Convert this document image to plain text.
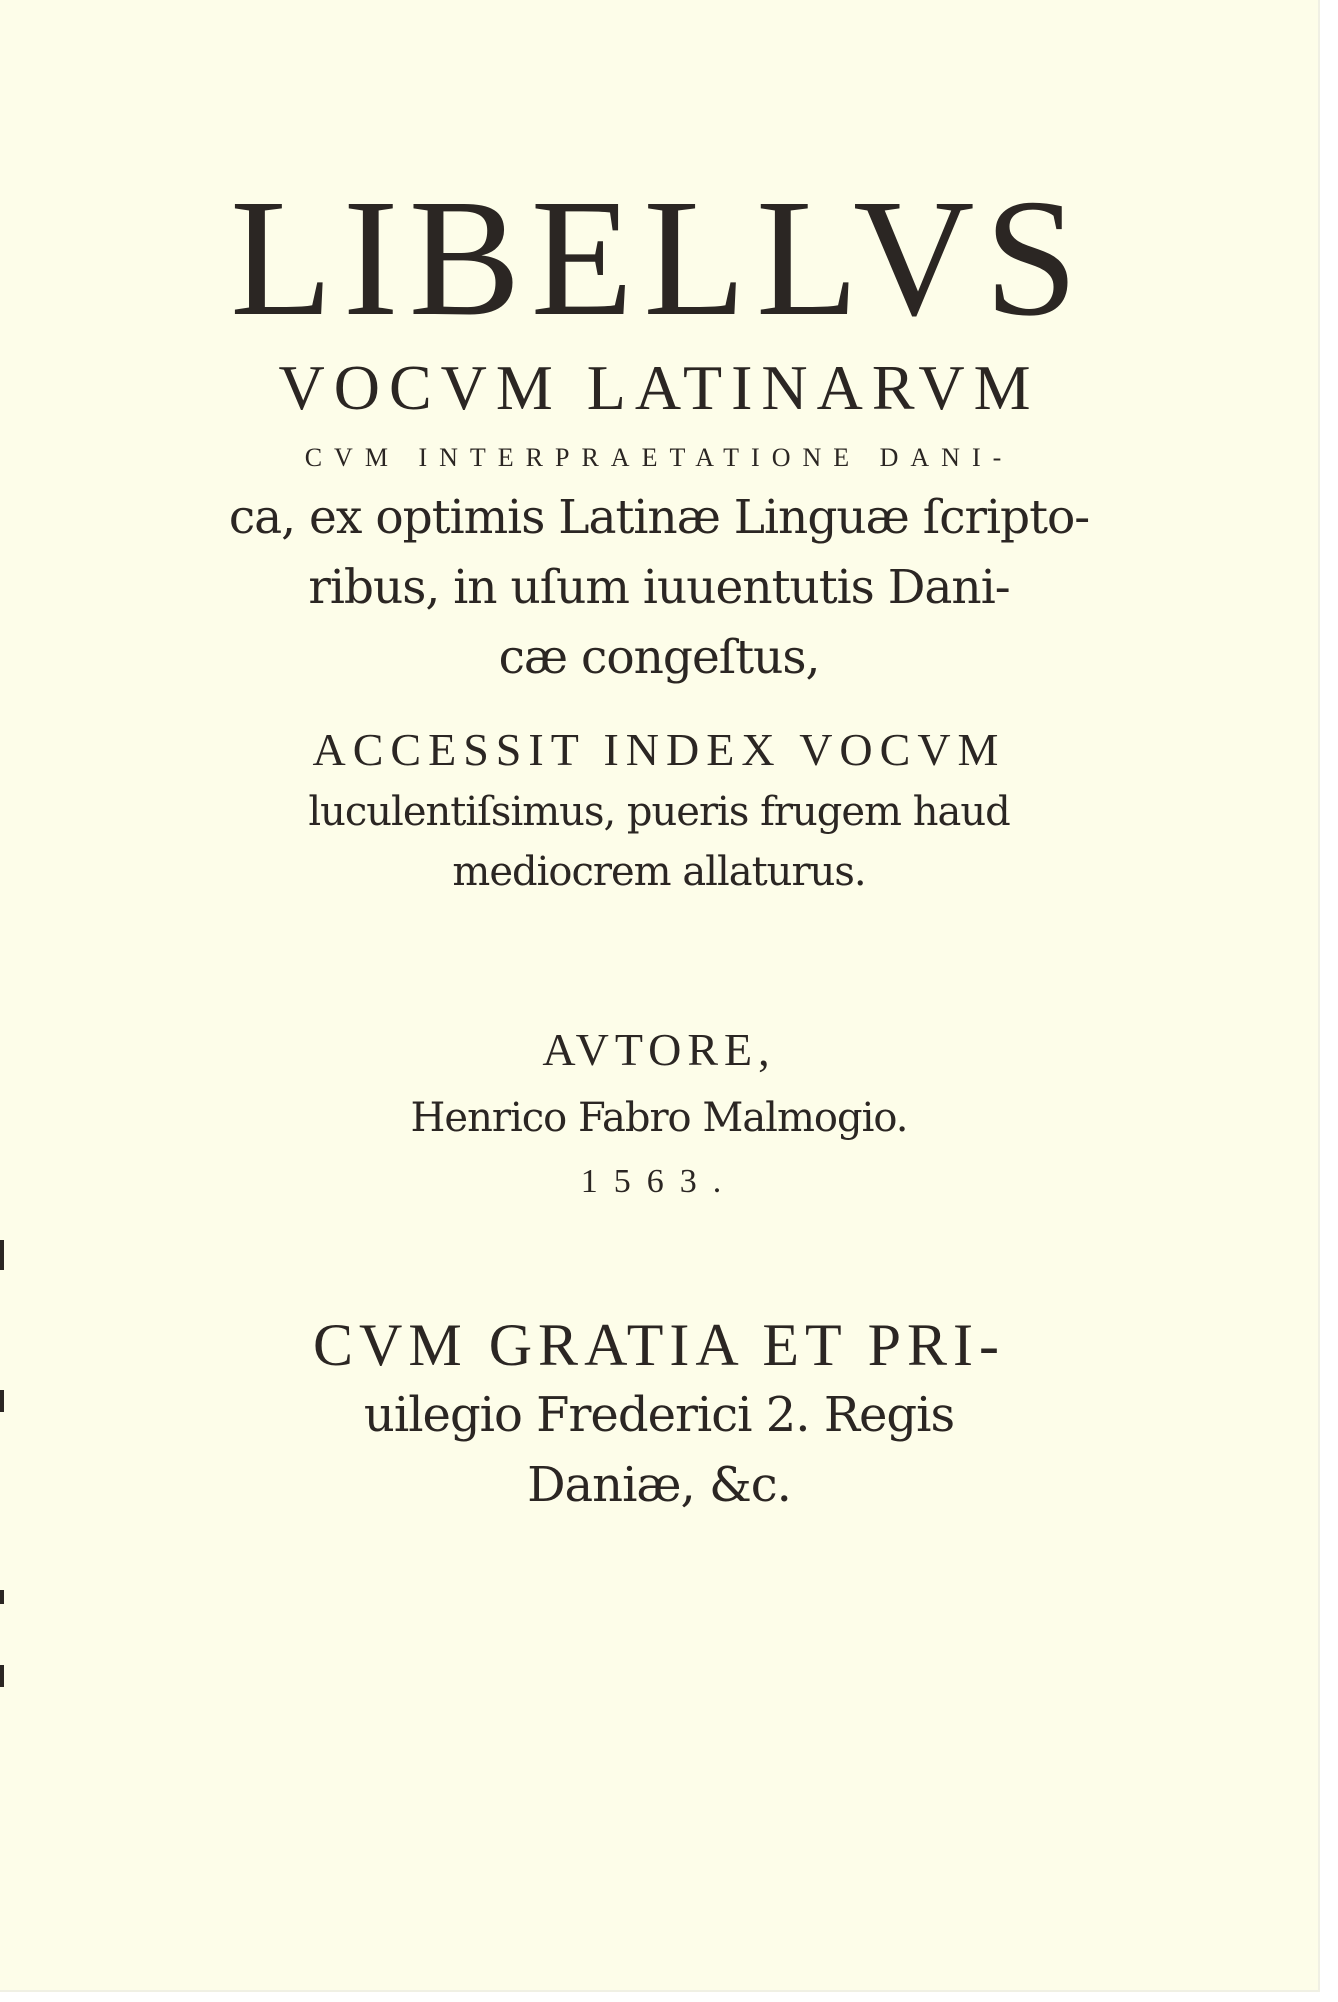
LIBELLVS
VOCVM LATINARVM
CVM INTERPRAETATIONE DANI-
ca, ex optimis Latinæ Linguæ ſcripto-
ribus, in uſum iuuentutis Dani-
cæ congeſtus,
ACCESSIT INDEX VOCVM
luculentiſsimus, pueris frugem haud
mediocrem allaturus.
AVTORE,
Henrico Fabro Malmogio.
1563.
CVM GRATIA ET PRI-
uilegio Frederici 2. Regis
Daniæ, &c.
